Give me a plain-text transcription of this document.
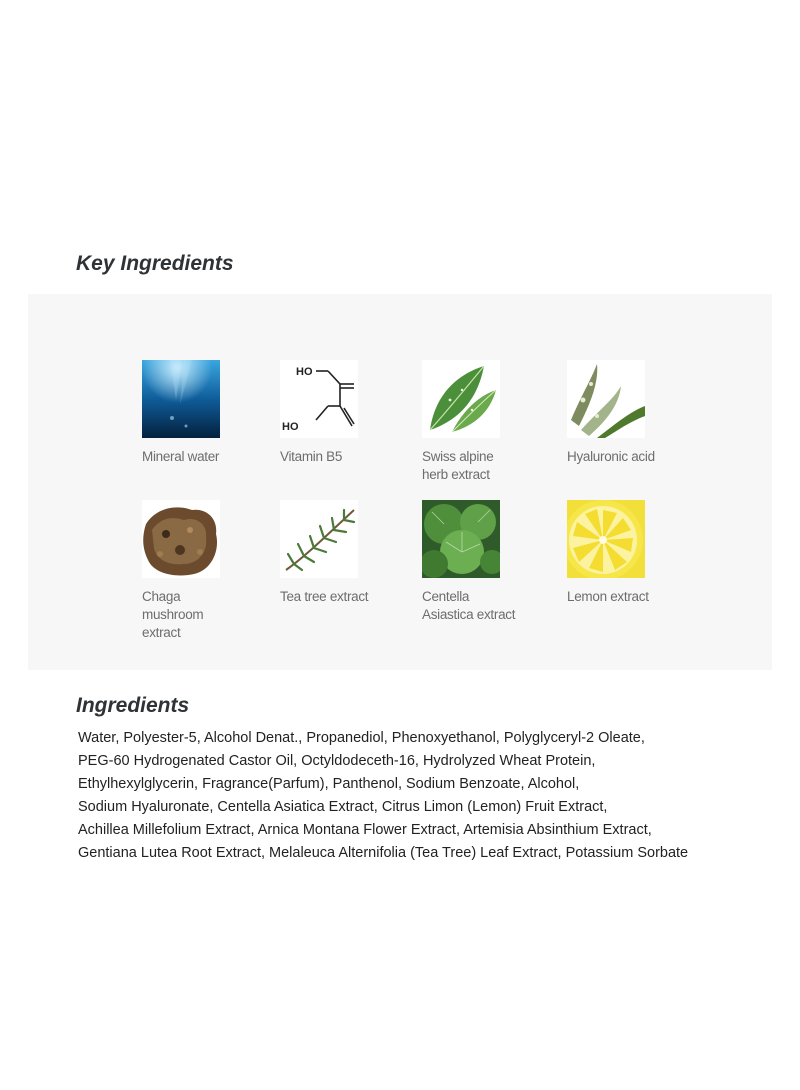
Key Ingredients
Mineral water
HO
HO
Vitamin B5	Swiss alpine
herb extract
Hyaluronic acid
Chaga
mushroom
extract
Tea tree extract	Centella
Asiastica extract
Lemon extract
Ingredients
Water, Polyester-5, Alcohol Denat., Propanediol, Phenoxyethanol, Polyglyceryl-2 Oleate,
PEG-60 Hydrogenated Castor Oil, Octyldodeceth-16, Hydrolyzed Wheat Protein,
Ethylhexylglycerin, Fragrance(Parfum), Panthenol, Sodium Benzoate, Alcohol,
Sodium Hyaluronate, Centella Asiatica Extract, Citrus Limon (Lemon) Fruit Extract,
Achillea Millefolium Extract, Arnica Montana Flower Extract, Artemisia Absinthium Extract,
Gentiana Lutea Root Extract, Melaleuca Alternifolia (Tea Tree) Leaf Extract, Potassium Sorbate
